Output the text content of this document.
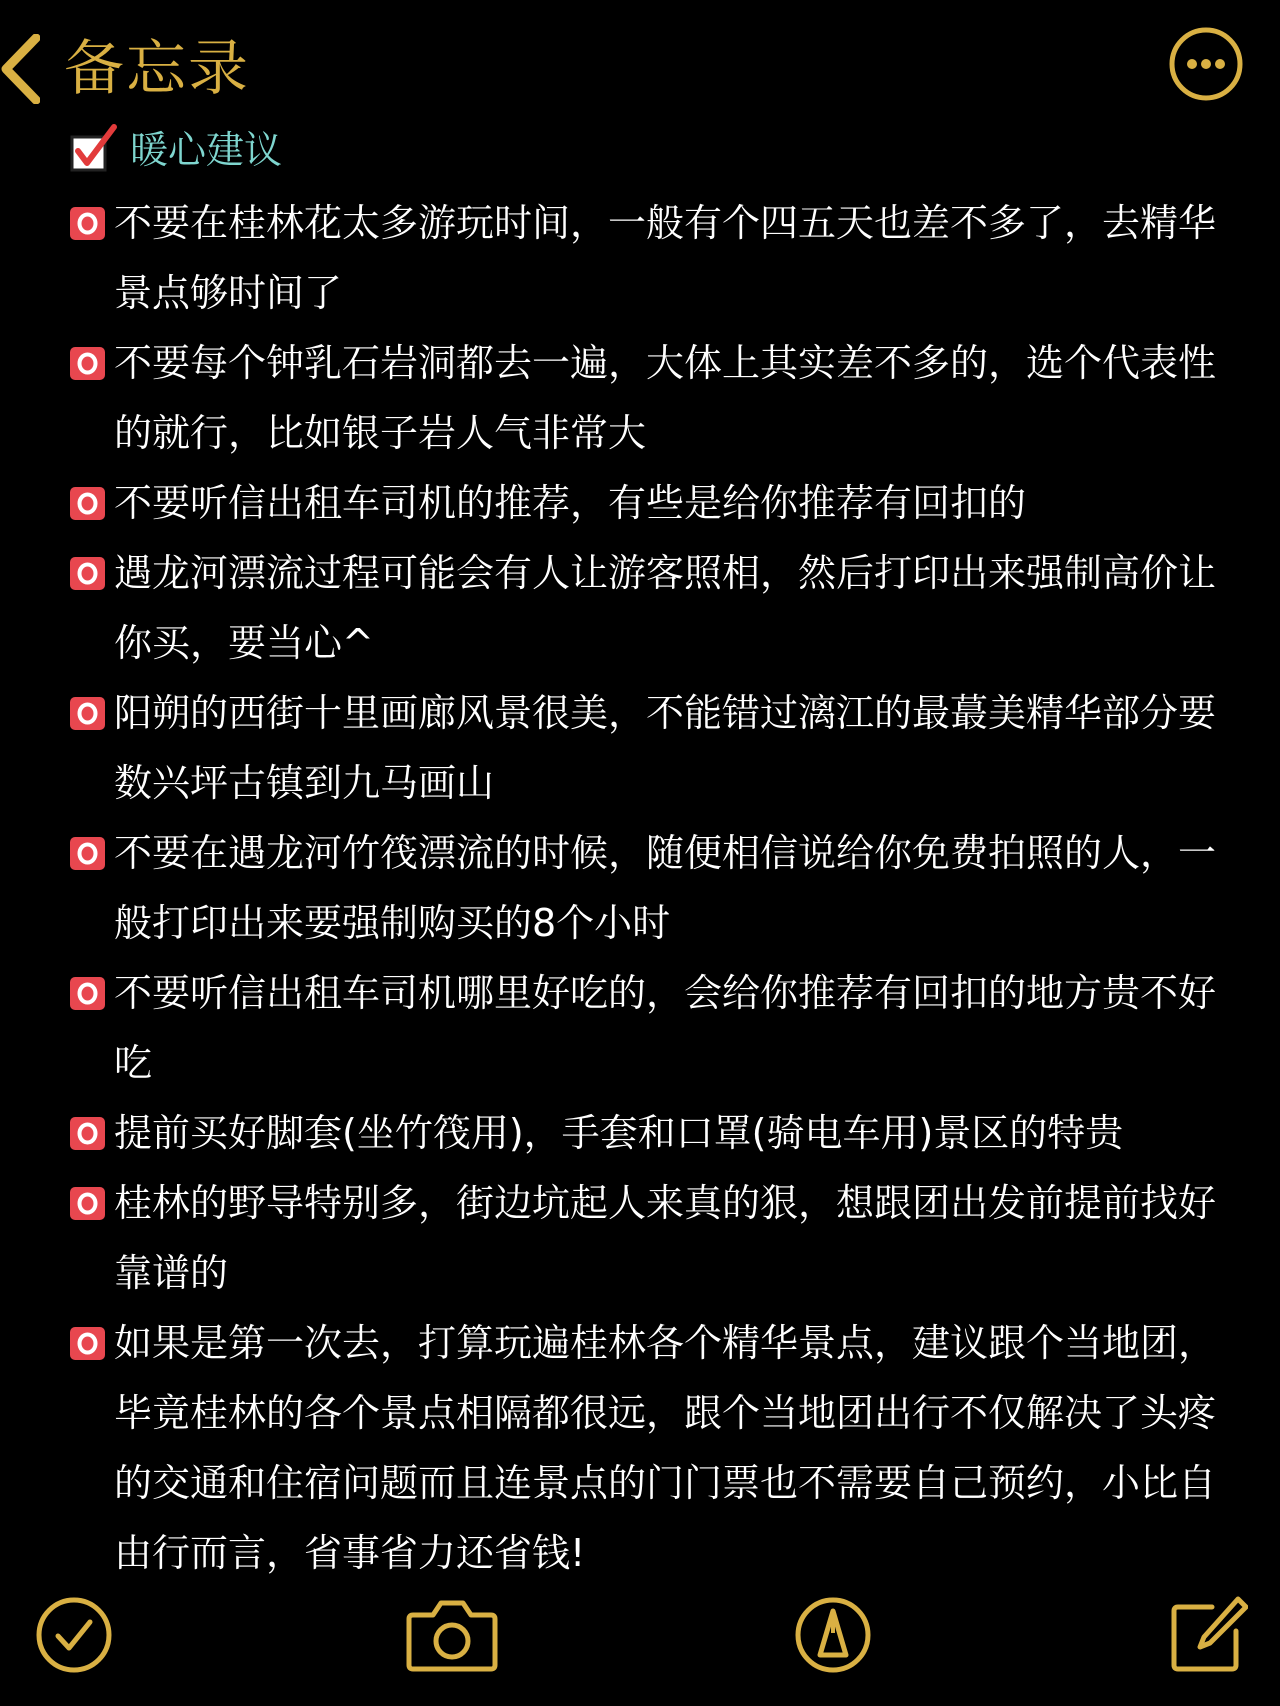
备忘录
暖心建议
不要在桂林花太多游玩时间，一般有个四五天也差不多了，去精华景点够时间了
不要每个钟乳石岩洞都去一遍，大体上其实差不多的，选个代表性的就行，比如银子岩人气非常大
不要听信出租车司机的推荐，有些是给你推荐有回扣的
遇龙河漂流过程可能会有人让游客照相，然后打印出来强制高价让你买，要当心^
阳朔的西街十里画廊风景很美，不能错过漓江的最蕞美精华部分要数兴坪古镇到九马画山
不要在遇龙河竹筏漂流的时候，随便相信说给你免费拍照的人，一般打印出来要强制购买的8个小时
不要听信出租车司机哪里好吃的，会给你推荐有回扣的地方贵不好吃
提前买好脚套(坐竹筏用)，手套和口罩(骑电车用)景区的特贵
桂林的野导特别多，街边坑起人来真的狠，想跟团出发前提前找好靠谱的
如果是第一次去，打算玩遍桂林各个精华景点，建议跟个当地团，毕竟桂林的各个景点相隔都很远，跟个当地团出行不仅解决了头疼的交通和住宿问题而且连景点的门门票也不需要自己预约，小比自由行而言，省事省力还省钱!
